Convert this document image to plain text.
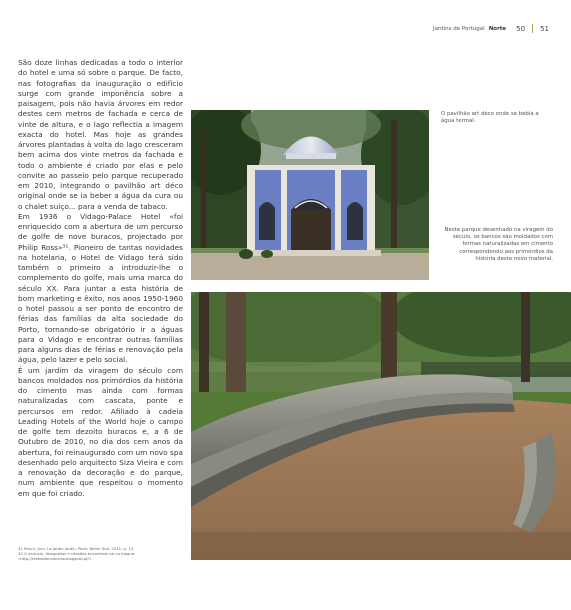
Jardins de Portugal Norte 50 51

São doze linhas dedicadas a todo o interior do hotel e uma só sobre o parque. De facto, nas fotografias da inauguração o edifício surge com grande imponência sobre a paisagem, pois não havia árvores em redor destes cem metros de fachada e cerca de vinte de altura, e o lago reflectia a imagem exacta do hotel. Mas hoje as grandes árvores plantadas à volta do lago cresceram bem acima dos vinte metros da fachada e todo o ambiente é criado por elas e pelo convite ao passeio pelo parque recuperado em 2010, integrando o pavilhão art déco original onde se ia beber a água da cura ou o chalet suíço... para a venda de tabaco.

Em 1936 o Vidago-Palace Hotel «foi enriquecido com a abertura de um percurso de golfe de nove buracos, projectado por Philip Ross»³¹. Pioneiro de tantas novidades na hotelaria, o Hotel de Vidago terá sido também o primeiro a introduzir-lhe o complemento do golfe, mais uma marca do século XX. Para juntar a esta história de bom marketing e êxito, nos anos 1950-1960 o hotel passou a ser ponto de encontro de férias das famílias da alta sociedade do Porto, tornando-se obrigatório ir a águas para o Vidago e encontrar outras famílias para alguns dias de férias e renovação pela água, pelo lazer e pelo social.

É um jardim da viragem do século com bancos moldados nos primórdios da história do cimento mas ainda com formas naturalizadas com cascata, ponte e percursos em redor. Afiliado à cadeia Leading Hotels of the World hoje o campo de golfe tem dezoito buracos e, a 6 de Outubro de 2010, no dia dos cem anos da abertura, foi reinaugurado com um novo spa desenhado pelo arquitecto Siza Vieira e com a renovação da decoração e do parque, num ambiente que respeitou o momento em que foi criado.

31 Pesch, Jorn, Le Jardin Jardin, Paris: Bohm Sud, 2011, p. 13.
32 O anúncio, fotografias e citações encontram-se no blogue: «http://restosdecoleccao.blogspot.pt/»
O pavilhão art déco onde se bebia a água termal.
Neste parque desenhado na viragem do século, os bancos são moldados com formas naturalizadas em cimento correspondendo aos primórdios da história deste novo material.
